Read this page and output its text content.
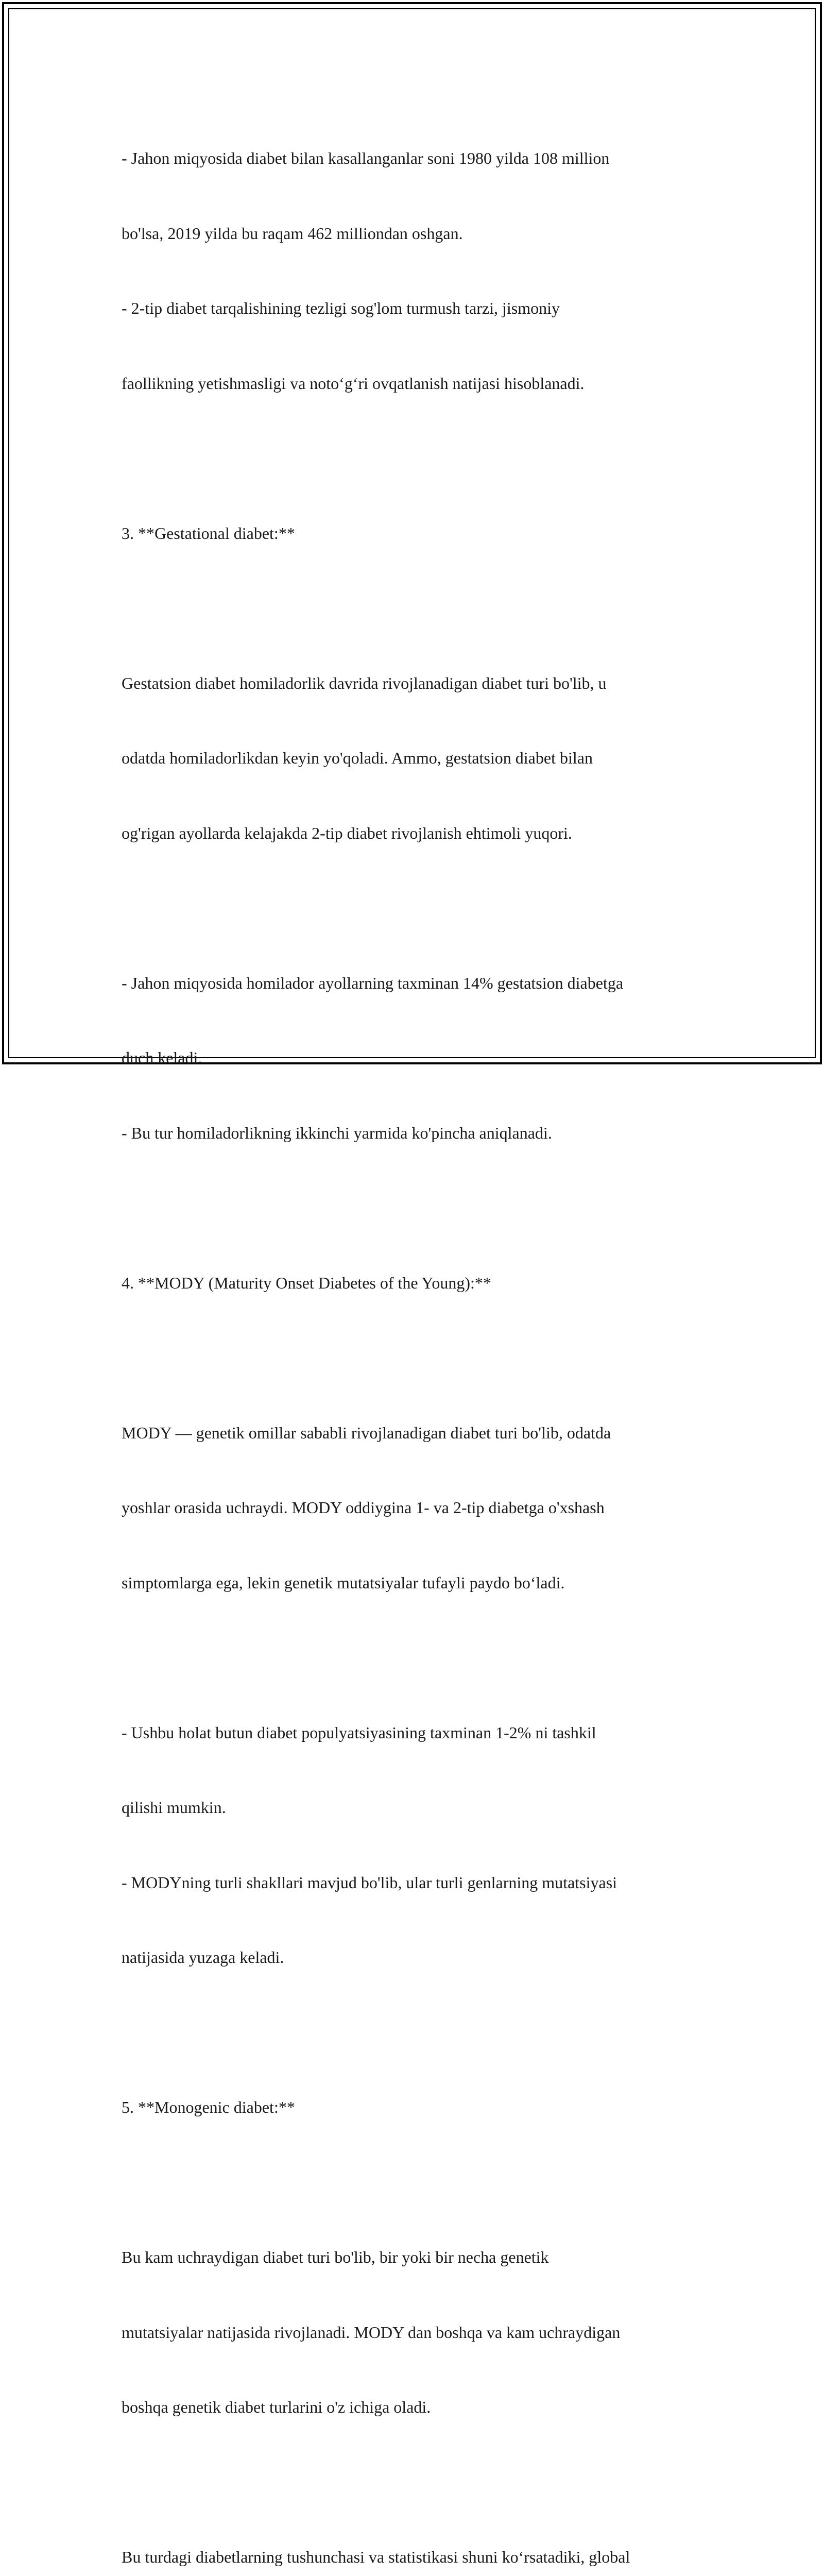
- Jahon miqyosida diabet bilan kasallanganlar soni 1980 yilda 108 million

bo'lsa, 2019 yilda bu raqam 462 milliondan oshgan.

- 2-tip diabet tarqalishining tezligi sog'lom turmush tarzi, jismoniy

faollikning yetishmasligi va noto‘g‘ri ovqatlanish natijasi hisoblanadi.

3. **Gestational diabet:**

Gestatsion diabet homiladorlik davrida rivojlanadigan diabet turi bo'lib, u

odatda homiladorlikdan keyin yo'qoladi. Ammo, gestatsion diabet bilan

og'rigan ayollarda kelajakda 2-tip diabet rivojlanish ehtimoli yuqori.

- Jahon miqyosida homilador ayollarning taxminan 14% gestatsion diabetga

duch keladi.

- Bu tur homiladorlikning ikkinchi yarmida ko'pincha aniqlanadi.

4. **MODY (Maturity Onset Diabetes of the Young):**

MODY — genetik omillar sababli rivojlanadigan diabet turi bo'lib, odatda

yoshlar orasida uchraydi. MODY oddiygina 1- va 2-tip diabetga o'xshash

simptomlarga ega, lekin genetik mutatsiyalar tufayli paydo bo‘ladi.

- Ushbu holat butun diabet populyatsiyasining taxminan 1-2% ni tashkil

qilishi mumkin.

- MODYning turli shakllari mavjud bo'lib, ular turli genlarning mutatsiyasi

natijasida yuzaga keladi.

5. **Monogenic diabet:**

Bu kam uchraydigan diabet turi bo'lib, bir yoki bir necha genetik

mutatsiyalar natijasida rivojlanadi. MODY dan boshqa va kam uchraydigan

boshqa genetik diabet turlarini o'z ichiga oladi.

Bu turdagi diabetlarning tushunchasi va statistikasi shuni ko‘rsatadiki, global
